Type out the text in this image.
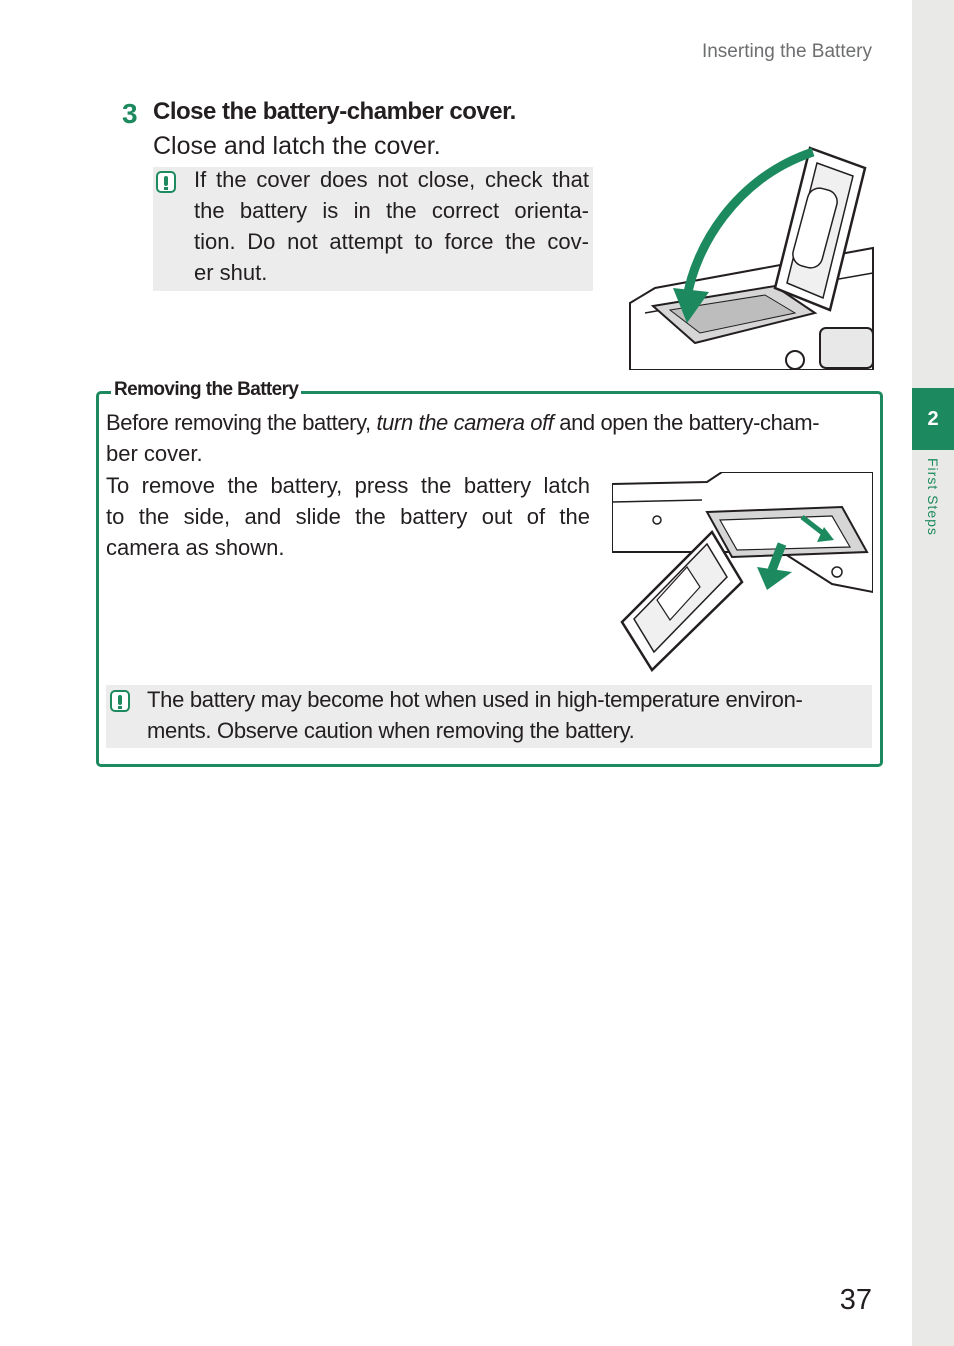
2
First Steps
Inserting the Battery
3 Close the battery-chamber cover.
Close and latch the cover.
If the cover does not close, check that
the battery is in the correct orienta-
tion. Do not attempt to force the cov-
er shut.
Removing the Battery
Before removing the battery, turn the camera off and open the battery-cham-
ber cover.
To remove the battery, press the battery latch
to the side, and slide the battery out of the
camera as shown.
The battery may become hot when used in high-temperature environ-
ments. Observe caution when removing the battery.
37
